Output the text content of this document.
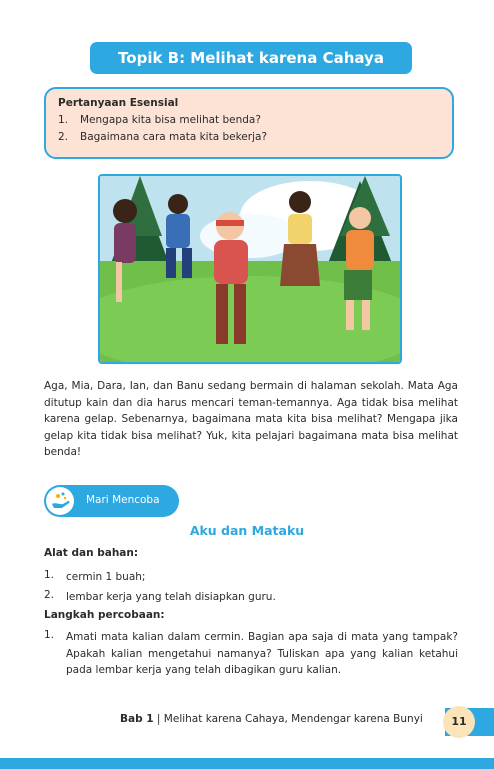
Topik B: Melihat karena Cahaya
Pertanyaan Esensial
1.	Mengapa kita bisa melihat benda?
2.	Bagaimana cara mata kita bekerja?
Aga, Mia, Dara, Ian, dan Banu sedang bermain di halaman sekolah. Mata Aga ditutup kain dan dia harus mencari teman-temannya. Aga tidak bisa melihat karena gelap. Sebenarnya, bagaimana mata kita bisa melihat? Mengapa jika gelap kita tidak bisa melihat? Yuk, kita pelajari bagaimana mata bisa melihat benda!
Mari Mencoba
Aku dan Mataku
Alat dan bahan:
1.	cermin 1 buah;
2.	lembar kerja yang telah disiapkan guru.
Langkah percobaan:
1.	Amati mata kalian dalam cermin. Bagian apa saja di mata yang tampak? Apakah kalian mengetahui namanya? Tuliskan apa yang kalian ketahui pada lembar kerja yang telah dibagikan guru kalian.
Bab 1 | Melihat karena Cahaya, Mendengar karena Bunyi	11
